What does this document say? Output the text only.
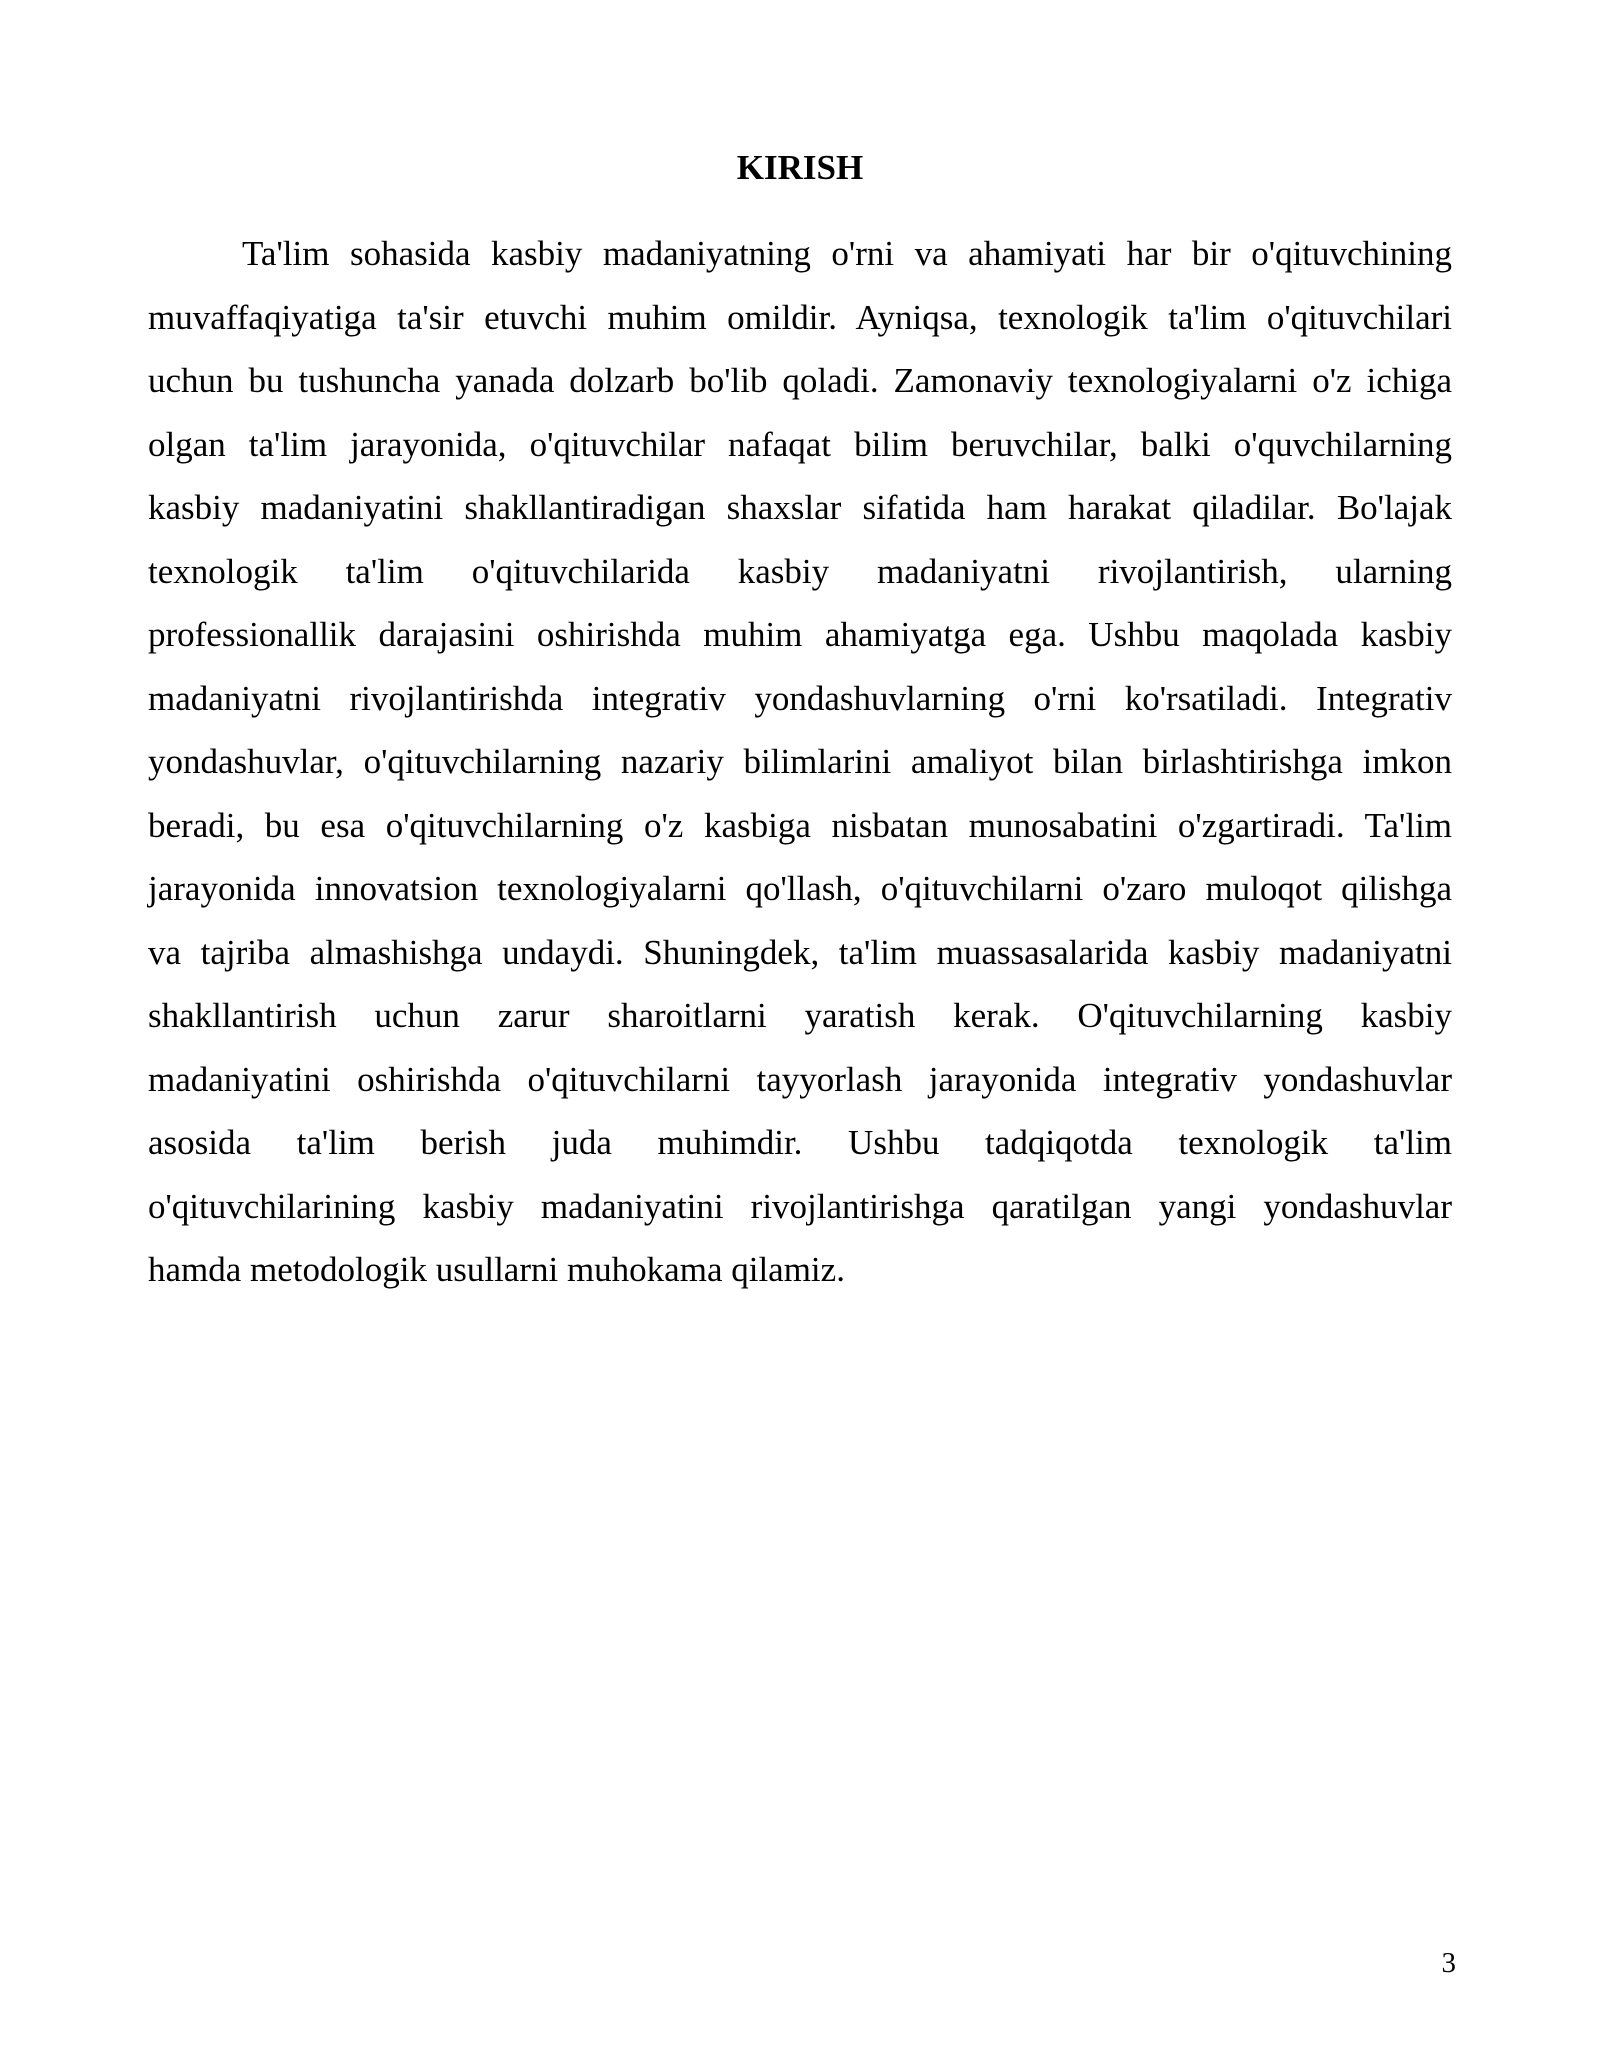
KIRISH
Ta'lim sohasida kasbiy madaniyatning o'rni va ahamiyati har bir o'qituvchining
muvaffaqiyatiga ta'sir etuvchi muhim omildir. Ayniqsa, texnologik ta'lim o'qituvchilari
uchun bu tushuncha yanada dolzarb bo'lib qoladi. Zamonaviy texnologiyalarni o'z ichiga
olgan ta'lim jarayonida, o'qituvchilar nafaqat bilim beruvchilar, balki o'quvchilarning
kasbiy madaniyatini shakllantiradigan shaxslar sifatida ham harakat qiladilar. Bo'lajak
texnologik ta'lim o'qituvchilarida kasbiy madaniyatni rivojlantirish, ularning
professionallik darajasini oshirishda muhim ahamiyatga ega. Ushbu maqolada kasbiy
madaniyatni rivojlantirishda integrativ yondashuvlarning o'rni ko'rsatiladi. Integrativ
yondashuvlar, o'qituvchilarning nazariy bilimlarini amaliyot bilan birlashtirishga imkon
beradi, bu esa o'qituvchilarning o'z kasbiga nisbatan munosabatini o'zgartiradi. Ta'lim
jarayonida innovatsion texnologiyalarni qo'llash, o'qituvchilarni o'zaro muloqot qilishga
va tajriba almashishga undaydi. Shuningdek, ta'lim muassasalarida kasbiy madaniyatni
shakllantirish uchun zarur sharoitlarni yaratish kerak. O'qituvchilarning kasbiy
madaniyatini oshirishda o'qituvchilarni tayyorlash jarayonida integrativ yondashuvlar
asosida ta'lim berish juda muhimdir. Ushbu tadqiqotda texnologik ta'lim
o'qituvchilarining kasbiy madaniyatini rivojlantirishga qaratilgan yangi yondashuvlar
hamda metodologik usullarni muhokama qilamiz.
3
